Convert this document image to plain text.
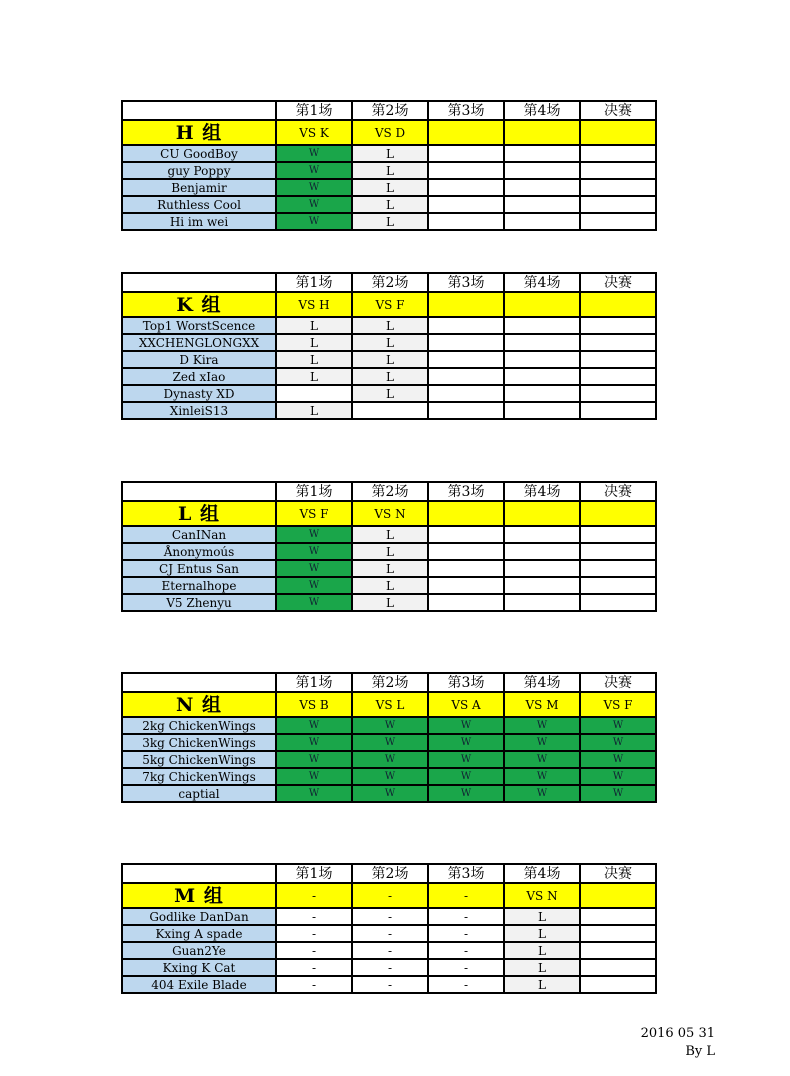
	第1场	第2场	第3场	第4场	决赛
H 组	VS K	VS D			
CU GoodBoy	W	L			
guy Poppy	W	L			
Benjamir	W	L			
Ruthless Cool	W	L			
Hi im wei	W	L			
	第1场	第2场	第3场	第4场	决赛
K 组	VS H	VS F			
Top1 WorstScence	L	L			
XXCHENGLONGXX	L	L			
D Kira	L	L			
Zed xIao	L	L			
Dynasty XD		L			
XinleiS13	L				
	第1场	第2场	第3场	第4场	决赛
L 组	VS F	VS N			
CanINan	W	L			
Ånonymoús	W	L			
CJ Entus San	W	L			
Eternalhope	W	L			
V5 Zhenyu	W	L			
	第1场	第2场	第3场	第4场	决赛
N 组	VS B	VS L	VS A	VS M	VS F
2kg ChickenWings	W	W	W	W	W
3kg ChickenWings	W	W	W	W	W
5kg ChickenWings	W	W	W	W	W
7kg ChickenWings	W	W	W	W	W
captial	W	W	W	W	W
	第1场	第2场	第3场	第4场	决赛
M 组	-	-	-	VS N	
Godlike DanDan	-	-	-	L	
Kxing A spade	-	-	-	L	
Guan2Ye	-	-	-	L	
Kxing K Cat	-	-	-	L	
404 Exile Blade	-	-	-	L	
2016 05 31
By L
